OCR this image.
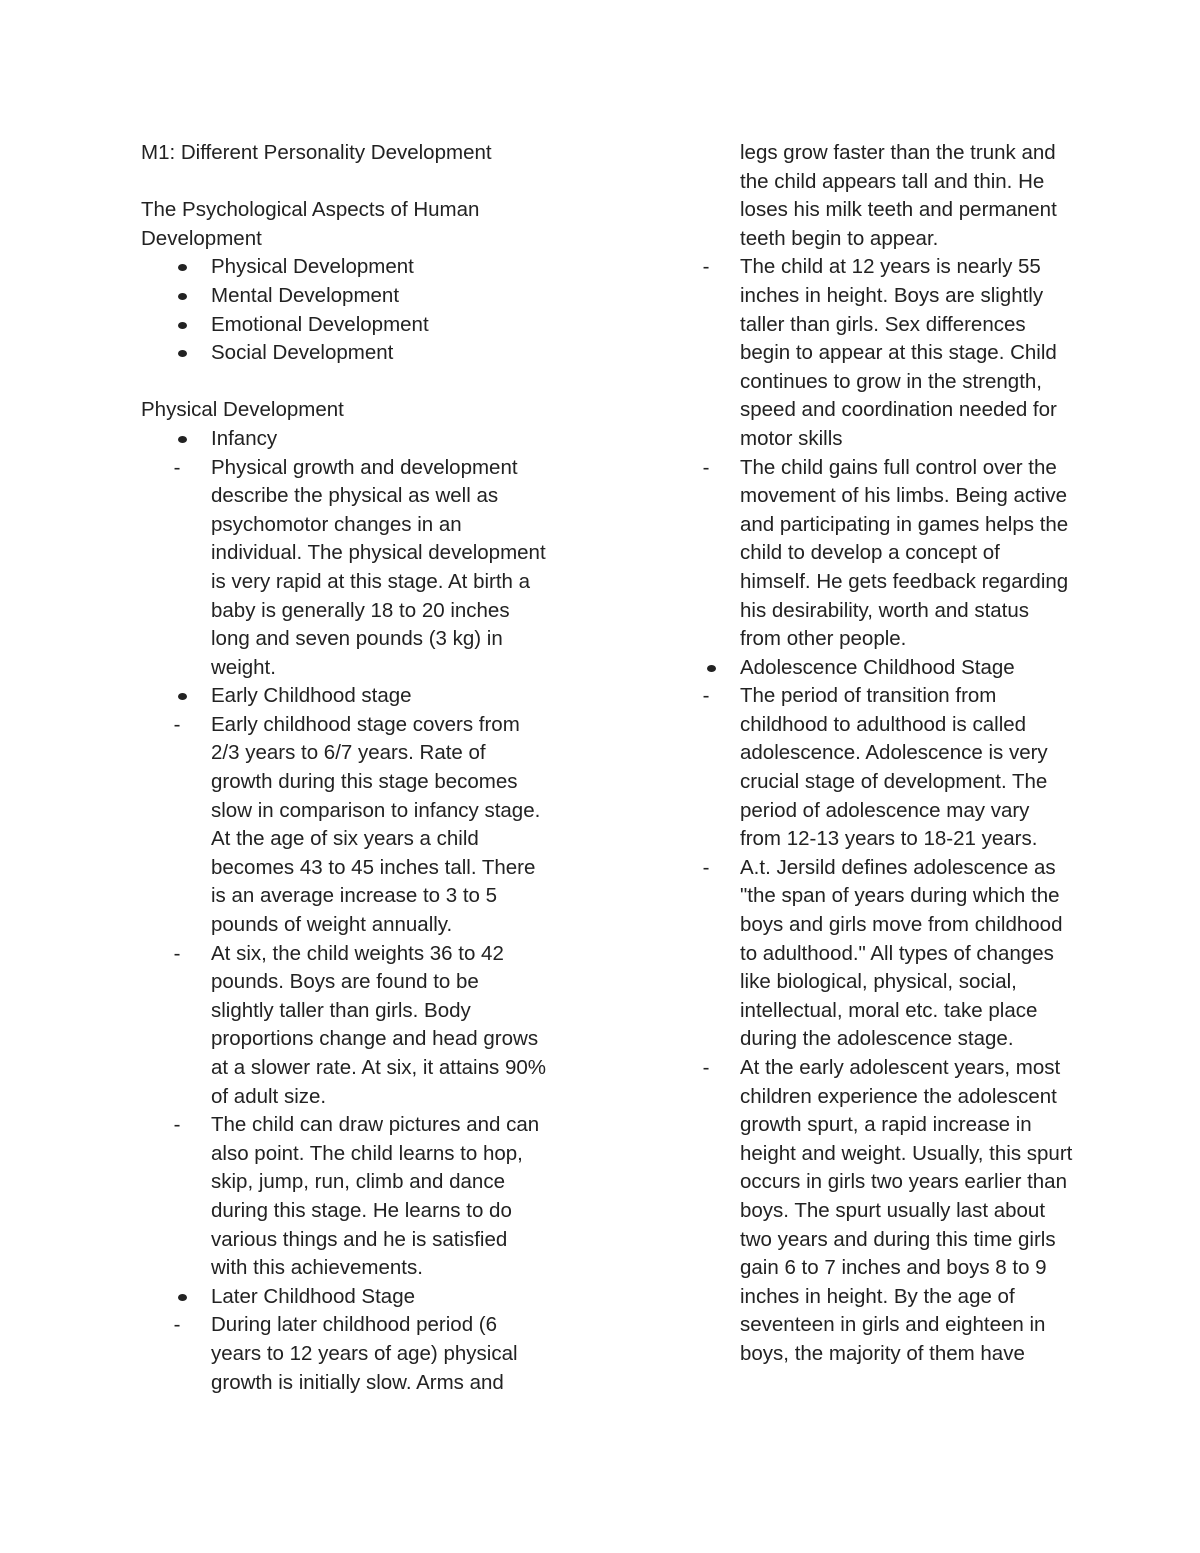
M1: Different Personality Development
The Psychological Aspects of Human
Development
Physical Development
Mental Development
Emotional Development
Social Development
Physical Development
Infancy
-	Physical growth and development
describe the physical as well as
psychomotor changes in an
individual. The physical development
is very rapid at this stage. At birth a
baby is generally 18 to 20 inches
long and seven pounds (3 kg) in
weight.
Early Childhood stage
-	Early childhood stage covers from
2/3 years to 6/7 years. Rate of
growth during this stage becomes
slow in comparison to infancy stage.
At the age of six years a child
becomes 43 to 45 inches tall. There
is an average increase to 3 to 5
pounds of weight annually.
-	At six, the child weights 36 to 42
pounds. Boys are found to be
slightly taller than girls. Body
proportions change and head grows
at a slower rate. At six, it attains 90%
of adult size.
-	The child can draw pictures and can
also point. The child learns to hop,
skip, jump, run, climb and dance
during this stage. He learns to do
various things and he is satisfied
with this achievements.
Later Childhood Stage
-	During later childhood period (6
years to 12 years of age) physical
growth is initially slow. Arms and
legs grow faster than the trunk and
the child appears tall and thin. He
loses his milk teeth and permanent
teeth begin to appear.
-	The child at 12 years is nearly 55
inches in height. Boys are slightly
taller than girls. Sex differences
begin to appear at this stage. Child
continues to grow in the strength,
speed and coordination needed for
motor skills
-	The child gains full control over the
movement of his limbs. Being active
and participating in games helps the
child to develop a concept of
himself. He gets feedback regarding
his desirability, worth and status
from other people.
Adolescence Childhood Stage
-	The period of transition from
childhood to adulthood is called
adolescence. Adolescence is very
crucial stage of development. The
period of adolescence may vary
from 12-13 years to 18-21 years.
-	A.t. Jersild defines adolescence as
"the span of years during which the
boys and girls move from childhood
to adulthood." All types of changes
like biological, physical, social,
intellectual, moral etc. take place
during the adolescence stage.
-	At the early adolescent years, most
children experience the adolescent
growth spurt, a rapid increase in
height and weight. Usually, this spurt
occurs in girls two years earlier than
boys. The spurt usually last about
two years and during this time girls
gain 6 to 7 inches and boys 8 to 9
inches in height. By the age of
seventeen in girls and eighteen in
boys, the majority of them have
